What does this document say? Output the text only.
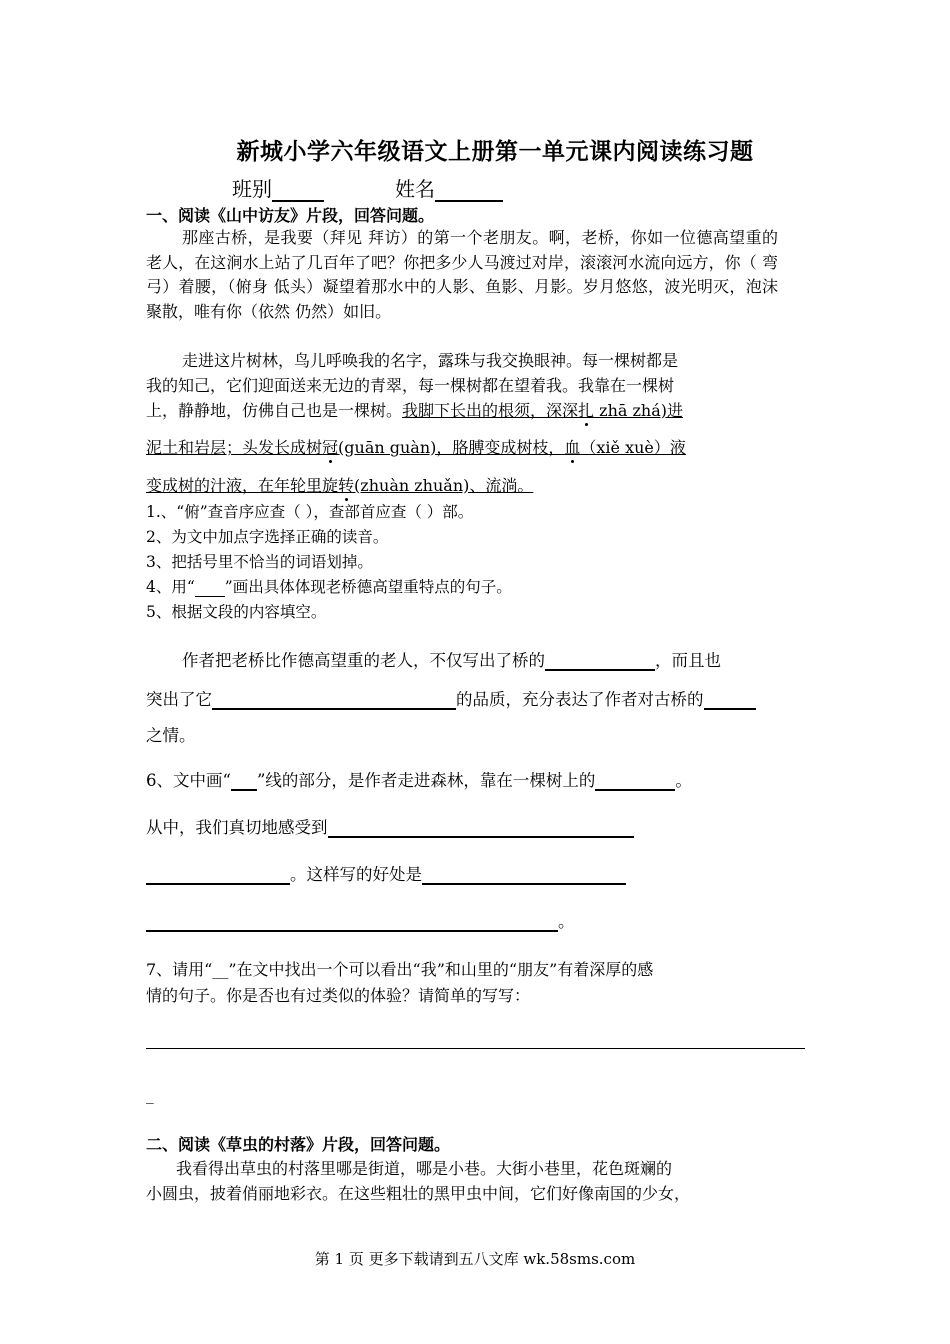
新城小学六年级语文上册第一单元课内阅读练习题
班别	姓名
一、阅读《山中访友》片段，回答问题。
那座古桥，是我要（拜见 拜访）的第一个老朋友。啊，老桥，你如一位德高望重的老人，在这涧水上站了几百年了吧？你把多少人马渡过对岸，滚滚河水流向远方，你（ 弯 弓）着腰，（俯身 低头）凝望着那水中的人影、鱼影、月影。岁月悠悠，波光明灭，泡沫聚散，唯有你（依然 仍然）如旧。
走进这片树林，鸟儿呼唤我的名字，露珠与我交换眼神。每一棵树都是
我的知己，它们迎面送来无边的青翠，每一棵树都在望着我。我靠在一棵树
上，静静地，仿佛自己也是一棵树。我脚下长出的根须，深深扎 zhā zhá)进
泥土和岩层；头发长成树冠(guān guàn)，胳膊变成树枝，血（xiě xuè）液
变成树的汁液，在年轮里旋转(zhuàn zhuǎn)、流淌。
1.、“俯”查音序应查（ ），查部首应查（ ）部。
2、为文中加点字选择正确的读音。
3、把括号里不恰当的词语划掉。
4、用“ ”画出具体体现老桥德高望重特点的句子。
5、根据文段的内容填空。
作者把老桥比作德高望重的老人，不仅写出了桥的	，而且也
突出了它	的品质，充分表达了作者对古桥的
之情。
6、文中画“ ”线的部分，是作者走进森林，靠在一棵树上的	。
从中，我们真切地感受到
。这样写的好处是
。
7、请用“__”在文中找出一个可以看出“我”和山里的“朋友”有着深厚的感
情的句子。你是否也有过类似的体验？请简单的写写：
_
二、阅读《草虫的村落》片段，回答问题。
我看得出草虫的村落里哪是街道，哪是小巷。大街小巷里，花色斑斓的
小圆虫，披着俏丽地彩衣。在这些粗壮的黑甲虫中间，它们好像南国的少女，
第 1 页 更多下载请到五八文库 wk.58sms.com
